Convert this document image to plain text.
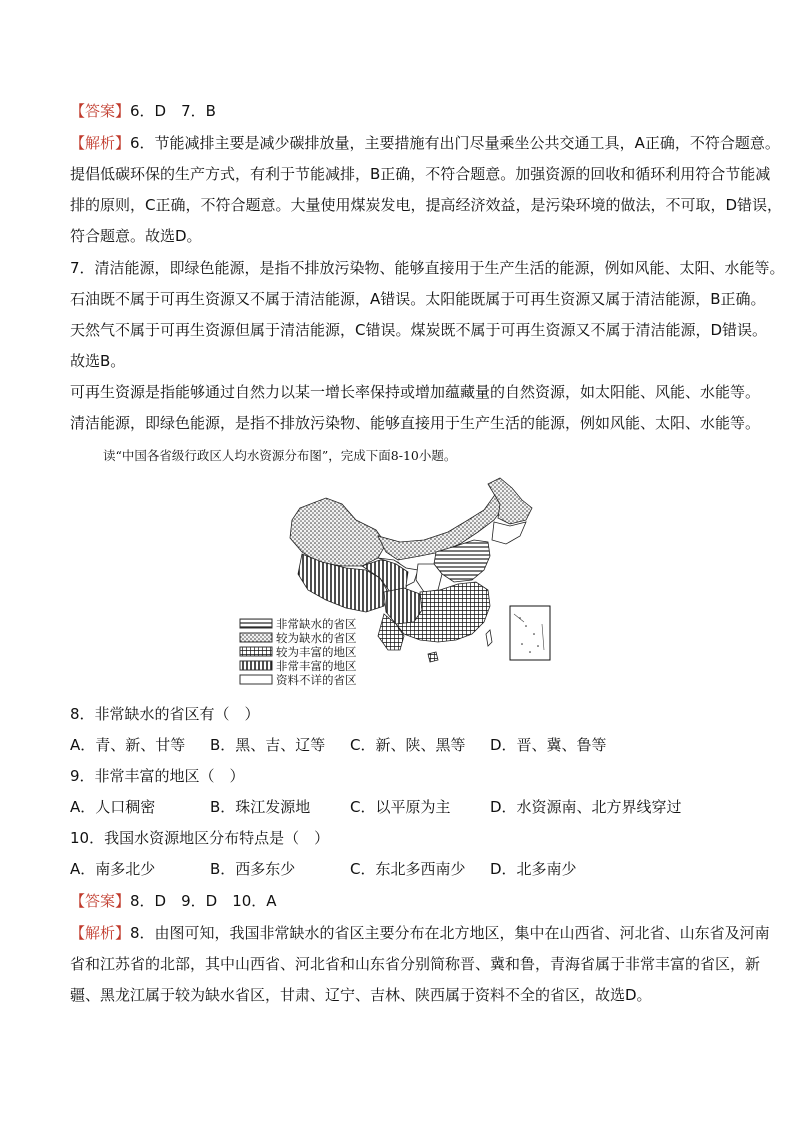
【答案】6．D　7．B
【解析】6．节能减排主要是减少碳排放量，主要措施有出门尽量乘坐公共交通工具，A正确，不符合题意。
提倡低碳环保的生产方式，有利于节能减排，B正确，不符合题意。加强资源的回收和循环利用符合节能减
排的原则，C正确，不符合题意。大量使用煤炭发电，提高经济效益，是污染环境的做法，不可取，D错误，
符合题意。故选D。
7．清洁能源，即绿色能源，是指不排放污染物、能够直接用于生产生活的能源，例如风能、太阳、水能等。
石油既不属于可再生资源又不属于清洁能源，A错误。太阳能既属于可再生资源又属于清洁能源，B正确。
天然气不属于可再生资源但属于清洁能源，C错误。煤炭既不属于可再生资源又不属于清洁能源，D错误。
故选B。
可再生资源是指能够通过自然力以某一增长率保持或增加蕴藏量的自然资源，如太阳能、风能、水能等。
清洁能源，即绿色能源，是指不排放污染物、能够直接用于生产生活的能源，例如风能、太阳、水能等。
读“中国各省级行政区人均水资源分布图”，完成下面8-10小题。
非常缺水的省区
较为缺水的省区
较为丰富的地区
非常丰富的地区
资料不详的省区
8．非常缺水的省区有（　）
A．青、新、甘等 B．黑、吉、辽等 C．新、陕、黑等 D．晋、冀、鲁等
9．非常丰富的地区（　）
A．人口稠密	B．珠江发源地	C．以平原为主	D．水资源南、北方界线穿过
10．我国水资源地区分布特点是（　）
A．南多北少	B．西多东少	C．东北多西南少 D．北多南少
【答案】8．D　9．D　10．A
【解析】8．由图可知，我国非常缺水的省区主要分布在北方地区，集中在山西省、河北省、山东省及河南
省和江苏省的北部，其中山西省、河北省和山东省分别简称晋、冀和鲁，青海省属于非常丰富的省区，新
疆、黑龙江属于较为缺水省区，甘肃、辽宁、吉林、陕西属于资料不全的省区，故选D。
